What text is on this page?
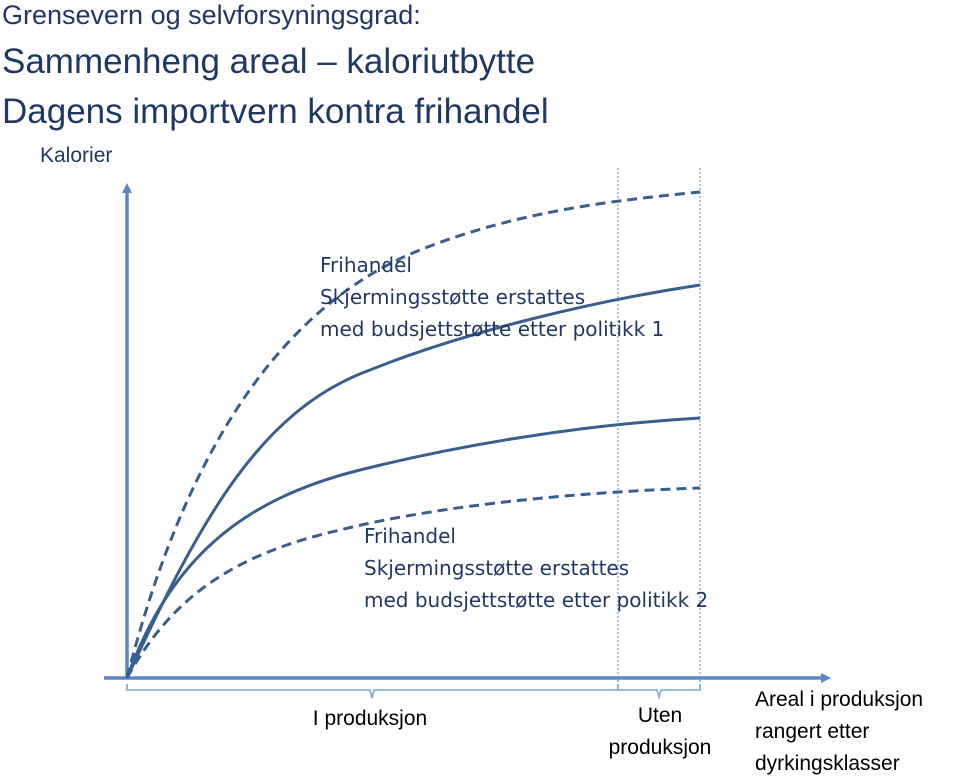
Grensevern og selvforsyningsgrad:
Sammenheng areal – kaloriutbytte
Dagens importvern kontra frihandel
Kalorier
Frihandel
Skjermingsstøtte erstattes
med budsjettstøtte etter politikk 1
Frihandel
Skjermingsstøtte erstattes
med budsjettstøtte etter politikk 2
I produksjon	Uten
produksjon
Areal i produksjon
rangert etter
dyrkingsklasser
